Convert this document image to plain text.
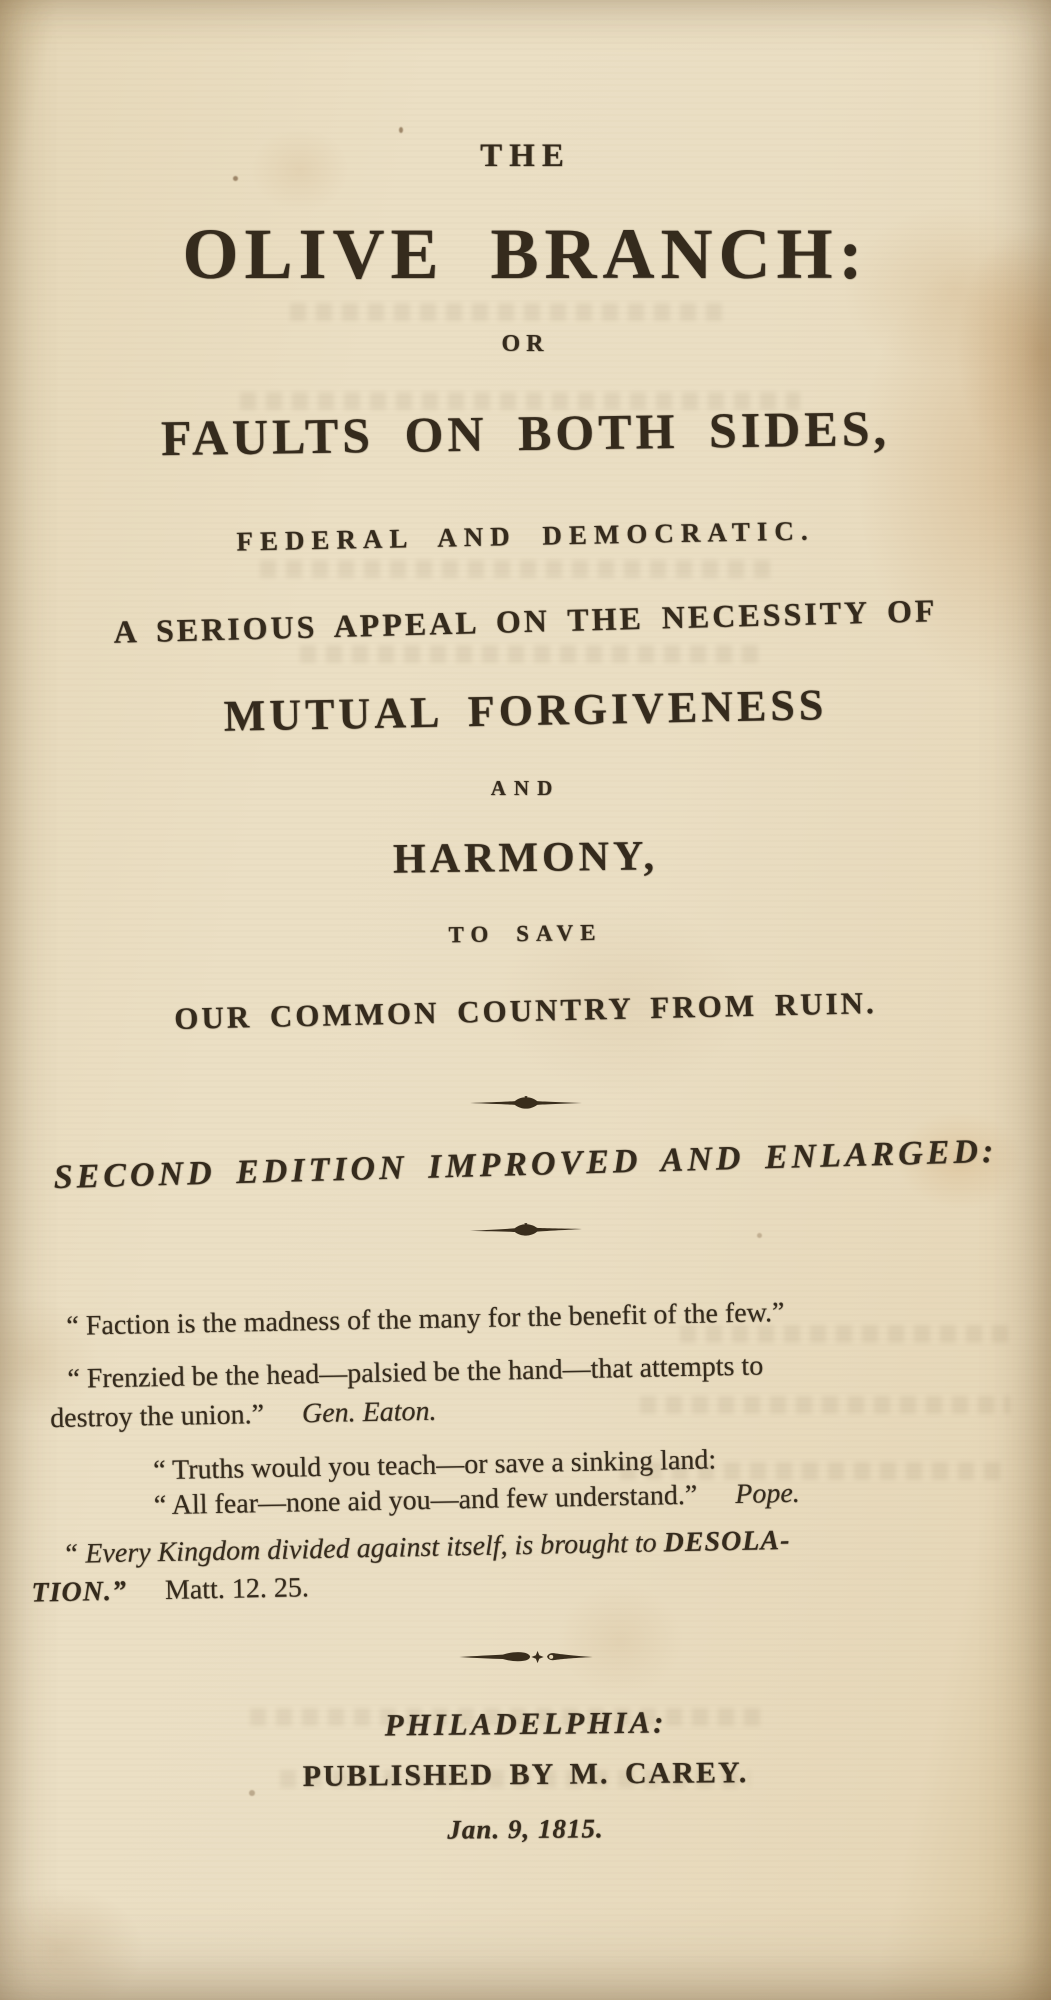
THE
OLIVE BRANCH:
OR
FAULTS ON BOTH SIDES,
FEDERAL AND DEMOCRATIC.
A SERIOUS APPEAL ON THE NECESSITY OF
MUTUAL FORGIVENESS
AND
HARMONY,
TO SAVE
OUR COMMON COUNTRY FROM RUIN.
SECOND EDITION IMPROVED AND ENLARGED:
“ Faction is the madness of the many for the benefit of the few.”
“ Frenzied be the head—palsied be the hand—that attempts to
destroy the union.” Gen. Eaton.
“ Truths would you teach—or save a sinking land:
“ All fear—none aid you—and few understand.” Pope.
“ Every Kingdom divided against itself, is brought to DESOLA-
TION.” Matt. 12. 25.
PHILADELPHIA:
PUBLISHED BY M. CAREY.
Jan. 9, 1815.
